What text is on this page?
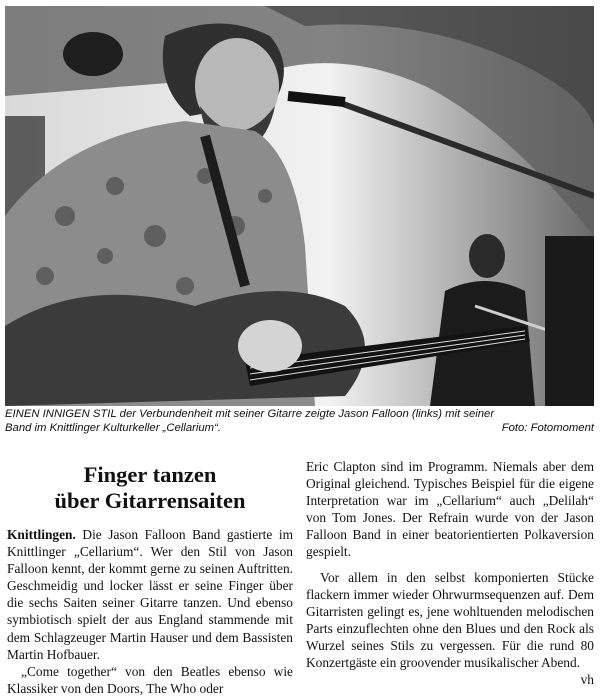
EINEN INNIGEN STIL der Verbundenheit mit seiner Gitarre zeigte Jason Falloon (links) mit seiner
Band im Knittlinger Kulturkeller „Cellarium“.	Foto: Fotomoment
Finger tanzen
über Gitarrensaiten

Knittlingen. Die Jason Falloon Band gastierte im Knittlinger „Cellarium“. Wer den Stil von Jason Falloon kennt, der kommt gerne zu seinen Auftritten. Geschmeidig und locker lässt er seine Finger über die sechs Saiten seiner Gitarre tanzen. Und ebenso symbiotisch spielt der aus England stammende mit dem Schlagzeuger Martin Hauser und dem Bassisten Martin Hofbauer.

„Come together“ von den Beatles ebenso wie Klassiker von den Doors, The Who oder

Eric Clapton sind im Programm. Niemals aber dem Original gleichend. Typisches Beispiel für die eigene Interpretation war im „Cellarium“ auch „Delilah“ von Tom Jones. Der Refrain wurde von der Jason Falloon Band in einer beatorientierten Polkaversion gespielt.

Vor allem in den selbst komponierten Stücke flackern immer wieder Ohrwurmsequenzen auf. Dem Gitarristen gelingt es, jene wohltuenden melodischen Parts einzuflechten ohne den Blues und den Rock als Wurzel seines Stils zu vergessen. Für die rund 80 Konzertgäste ein groovender musikalischer Abend.

vh
